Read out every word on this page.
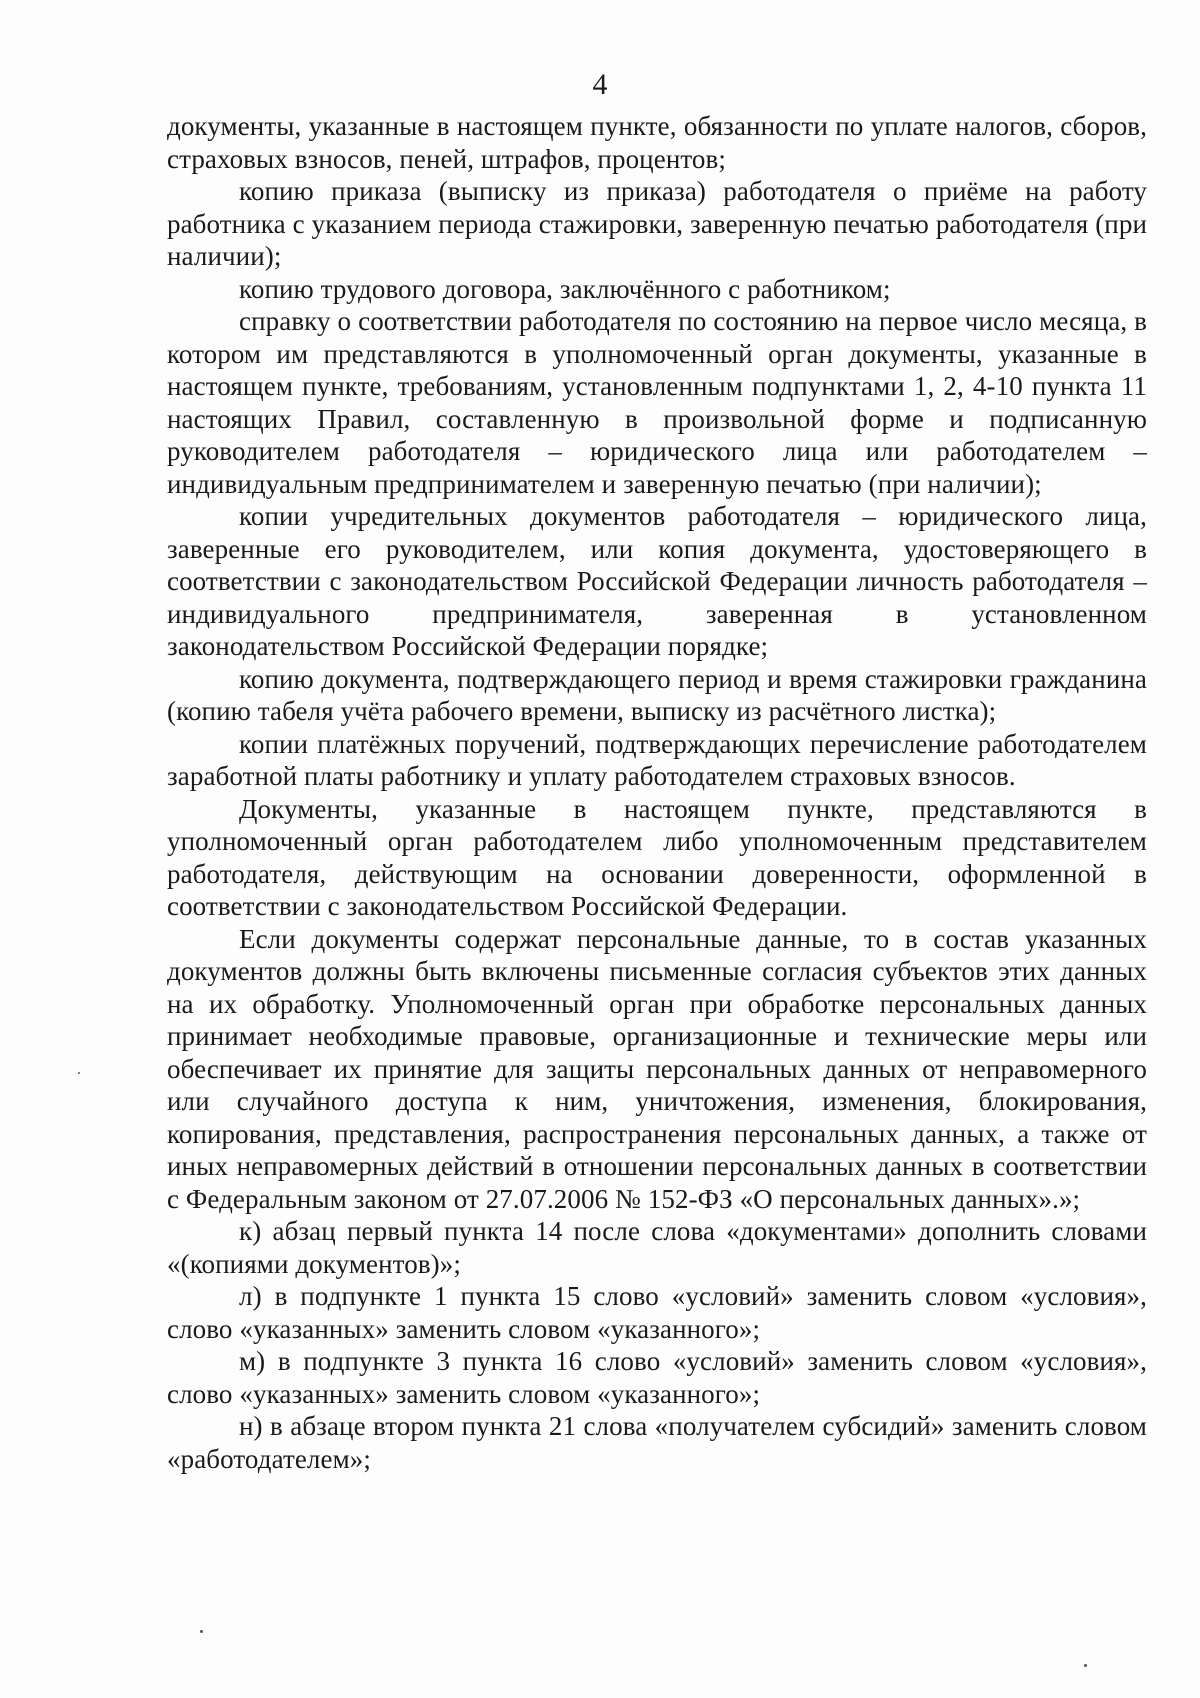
4

документы, указанные в настоящем пункте, обязанности по уплате налогов, сборов, страховых взносов, пеней, штрафов, процентов;

копию приказа (выписку из приказа) работодателя о приёме на работу работника с указанием периода стажировки, заверенную печатью работодателя (при наличии);

копию трудового договора, заключённого с работником;

справку о соответствии работодателя по состоянию на первое число месяца, в котором им представляются в уполномоченный орган документы, указанные в настоящем пункте, требованиям, установленным подпунктами 1, 2, 4-10 пункта 11 настоящих Правил, составленную в произвольной форме и подписанную руководителем работодателя – юридического лица или работодателем – индивидуальным предпринимателем и заверенную печатью (при наличии);

копии учредительных документов работодателя – юридического лица, заверенные его руководителем, или копия документа, удостоверяющего в соответствии с законодательством Российской Федерации личность работодателя – индивидуального предпринимателя, заверенная в установленном законодательством Российской Федерации порядке;

копию документа, подтверждающего период и время стажировки гражданина (копию табеля учёта рабочего времени, выписку из расчётного листка);

копии платёжных поручений, подтверждающих перечисление работодателем заработной платы работнику и уплату работодателем страховых взносов.

Документы, указанные в настоящем пункте, представляются в уполномоченный орган работодателем либо уполномоченным представителем работодателя, действующим на основании доверенности, оформленной в соответствии с законодательством Российской Федерации.

Если документы содержат персональные данные, то в состав указанных документов должны быть включены письменные согласия субъектов этих данных на их обработку. Уполномоченный орган при обработке персональных данных принимает необходимые правовые, организационные и технические меры или обеспечивает их принятие для защиты персональных данных от неправомерного или случайного доступа к ним, уничтожения, изменения, блокирования, копирования, представления, распространения персональных данных, а также от иных неправомерных действий в отношении персональных данных в соответствии с Федеральным законом от 27.07.2006 № 152-ФЗ «О персональных данных».»;

к) абзац первый пункта 14 после слова «документами» дополнить словами «(копиями документов)»;

л) в подпункте 1 пункта 15 слово «условий» заменить словом «условия», слово «указанных» заменить словом «указанного»;

м) в подпункте 3 пункта 16 слово «условий» заменить словом «условия», слово «указанных» заменить словом «указанного»;

н) в абзаце втором пункта 21 слова «получателем субсидий» заменить словом «работодателем»;
